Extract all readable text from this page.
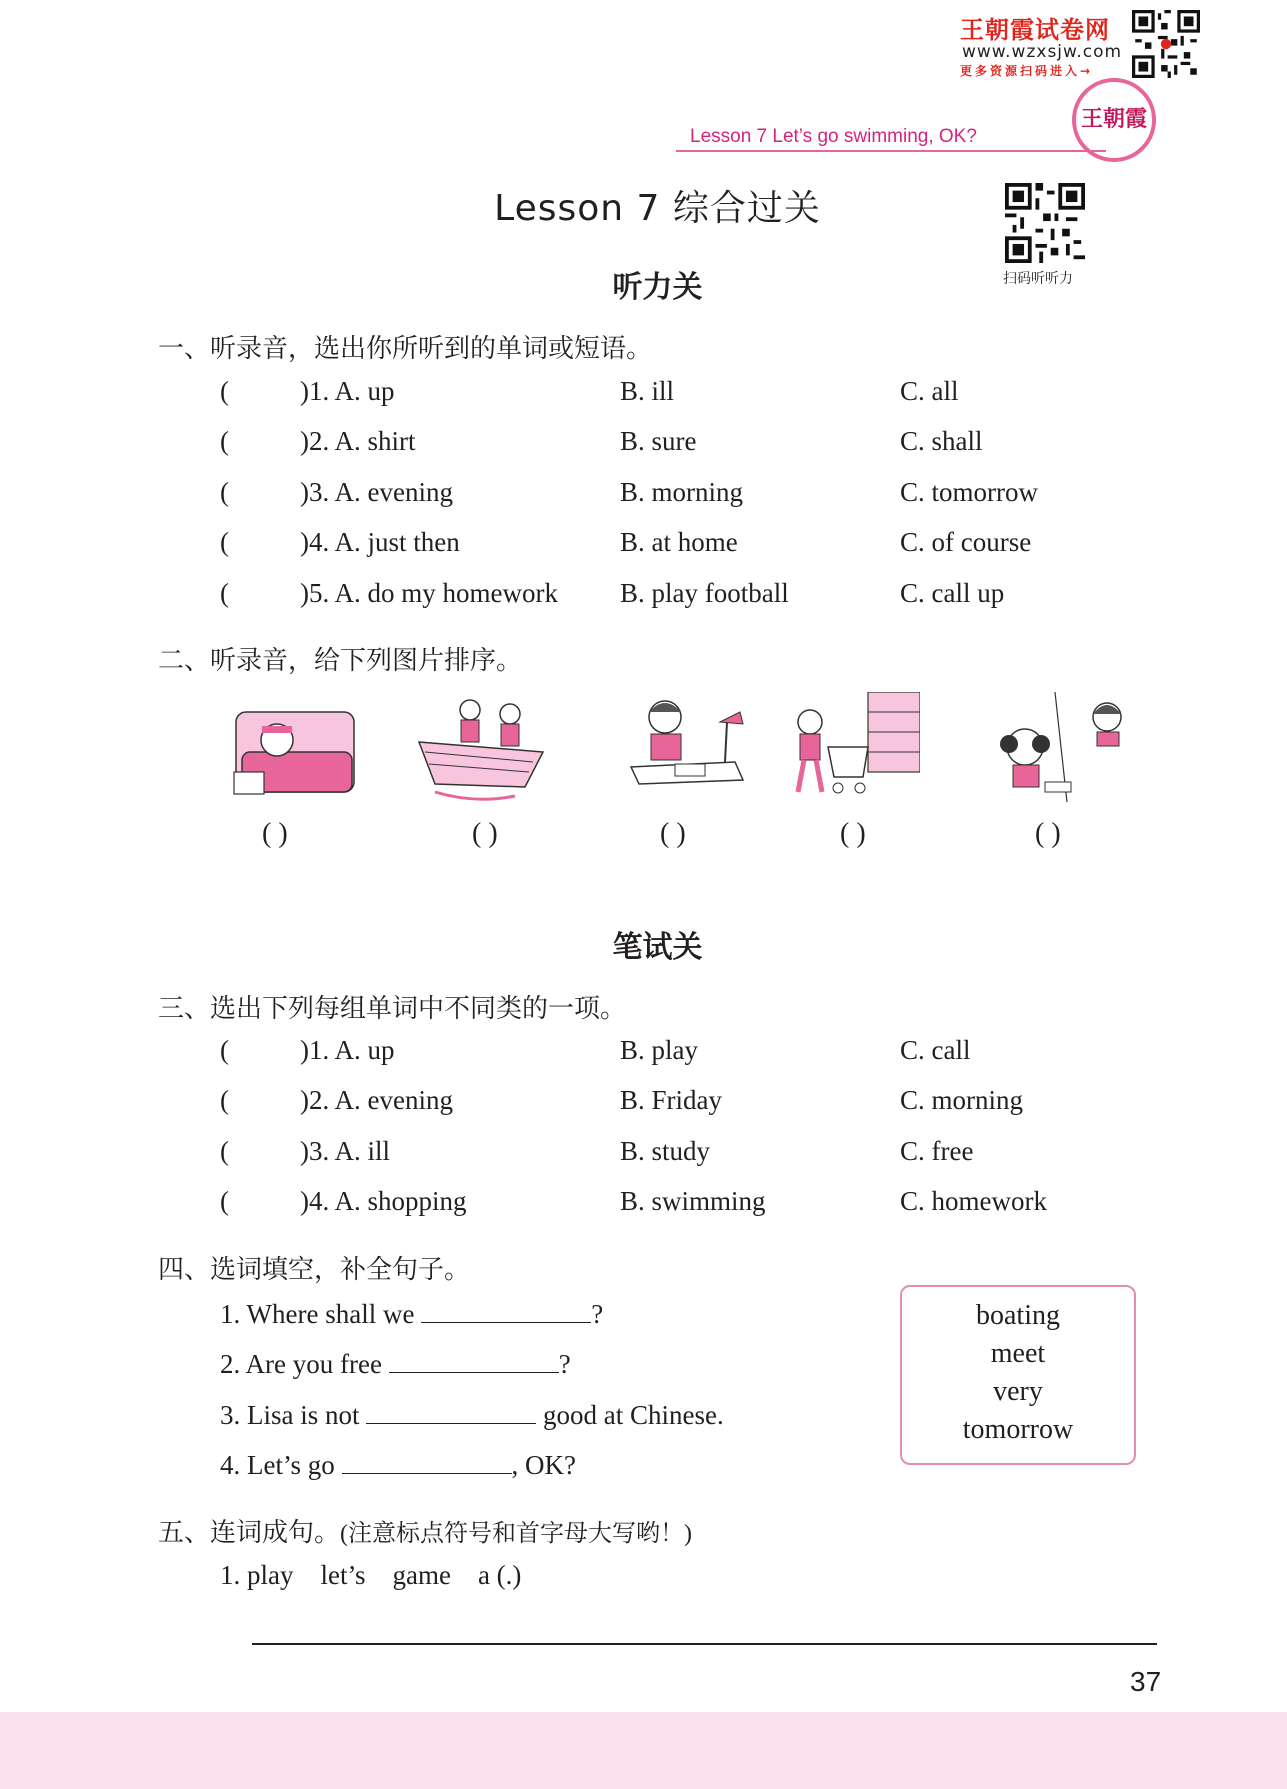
王朝霞试卷网
www.wzxsjw.com
更多资源扫码进入→
王朝霞
Lesson 7 Let’s go swimming, OK?
Lesson 7 综合过关
扫码听听力
听力关
一、听录音，选出你所听到的单词或短语。
(	)1. A. up	B. ill	C. all
(	)2. A. shirt	B. sure	C. shall
(	)3. A. evening	B. morning	C. tomorrow
(	)4. A. just then	B. at home	C. of course
(	)5. A. do my homework B. play football	C. call up
二、听录音，给下列图片排序。
( )	( )	( )	( )	( )
笔试关
三、选出下列每组单词中不同类的一项。
(	)1. A. up	B. play	C. call
(	)2. A. evening	B. Friday	C. morning
(	)3. A. ill	B. study	C. free
(	)4. A. shopping	B. swimming	C. homework
四、选词填空，补全句子。
1. Where shall we	?
2. Are you free	?
3. Lisa is not	good at Chinese.
4. Let’s go	, OK?
boating
meet
very
tomorrow
五、连词成句。(注意标点符号和首字母大写哟！)
1. play    let’s    game    a (.)
37
